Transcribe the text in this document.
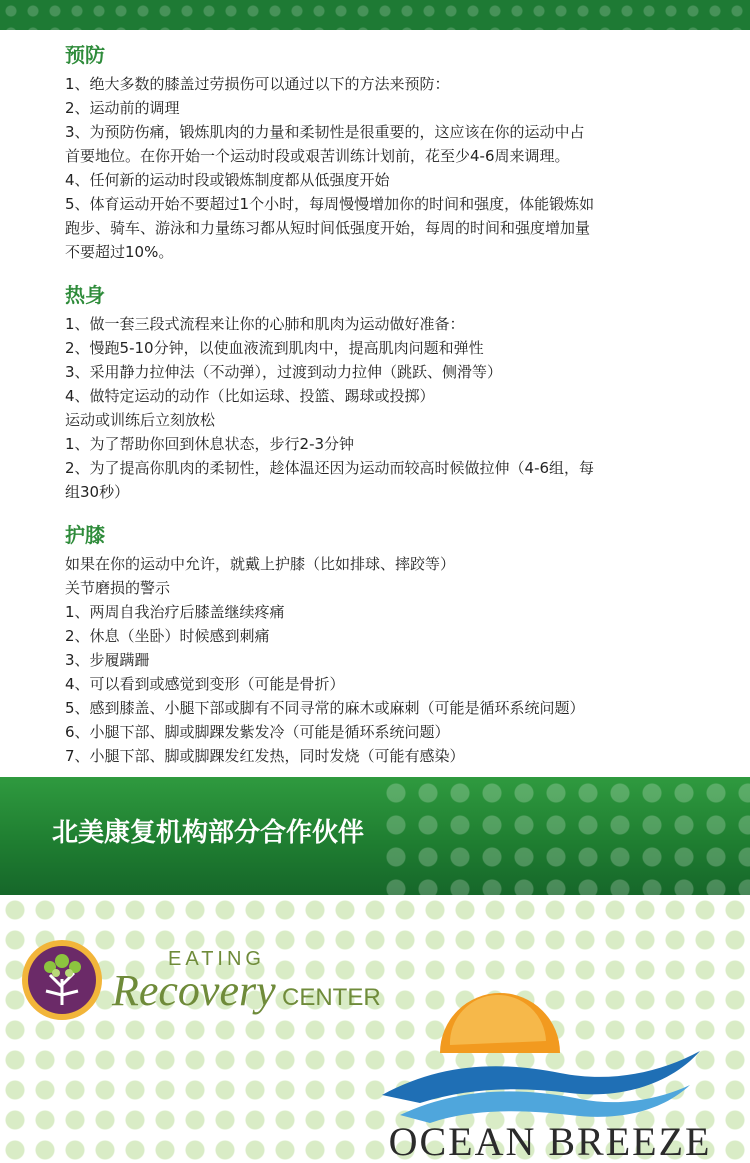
预防

1、绝大多数的膝盖过劳损伤可以通过以下的方法来预防：

2、运动前的调理

3、为预防伤痛，锻炼肌肉的力量和柔韧性是很重要的，这应该在你的运动中占

首要地位。在你开始一个运动时段或艰苦训练计划前，花至少4-6周来调理。

4、任何新的运动时段或锻炼制度都从低强度开始

5、体育运动开始不要超过1个小时，每周慢慢增加你的时间和强度，体能锻炼如

跑步、骑车、游泳和力量练习都从短时间低强度开始，每周的时间和强度增加量

不要超过10%。

热身

1、做一套三段式流程来让你的心肺和肌肉为运动做好准备：

2、慢跑5-10分钟，以使血液流到肌肉中，提高肌肉问题和弹性

3、采用静力拉伸法（不动弹），过渡到动力拉伸（跳跃、侧滑等）

4、做特定运动的动作（比如运球、投篮、踢球或投掷）

运动或训练后立刻放松

1、为了帮助你回到休息状态，步行2-3分钟

2、为了提高你肌肉的柔韧性，趁体温还因为运动而较高时候做拉伸（4-6组，每

组30秒）

护膝

如果在你的运动中允许，就戴上护膝（比如排球、摔跤等）

关节磨损的警示

1、两周自我治疗后膝盖继续疼痛

2、休息（坐卧）时候感到刺痛

3、步履蹒跚

4、可以看到或感觉到变形（可能是骨折）

5、感到膝盖、小腿下部或脚有不同寻常的麻木或麻刺（可能是循环系统问题）

6、小腿下部、脚或脚踝发紫发冷（可能是循环系统问题）

7、小腿下部、脚或脚踝发红发热，同时发烧（可能有感染）

北美康复机构部分合作伙伴
EATING
Recovery CENTER
OCEAN BREEZE
